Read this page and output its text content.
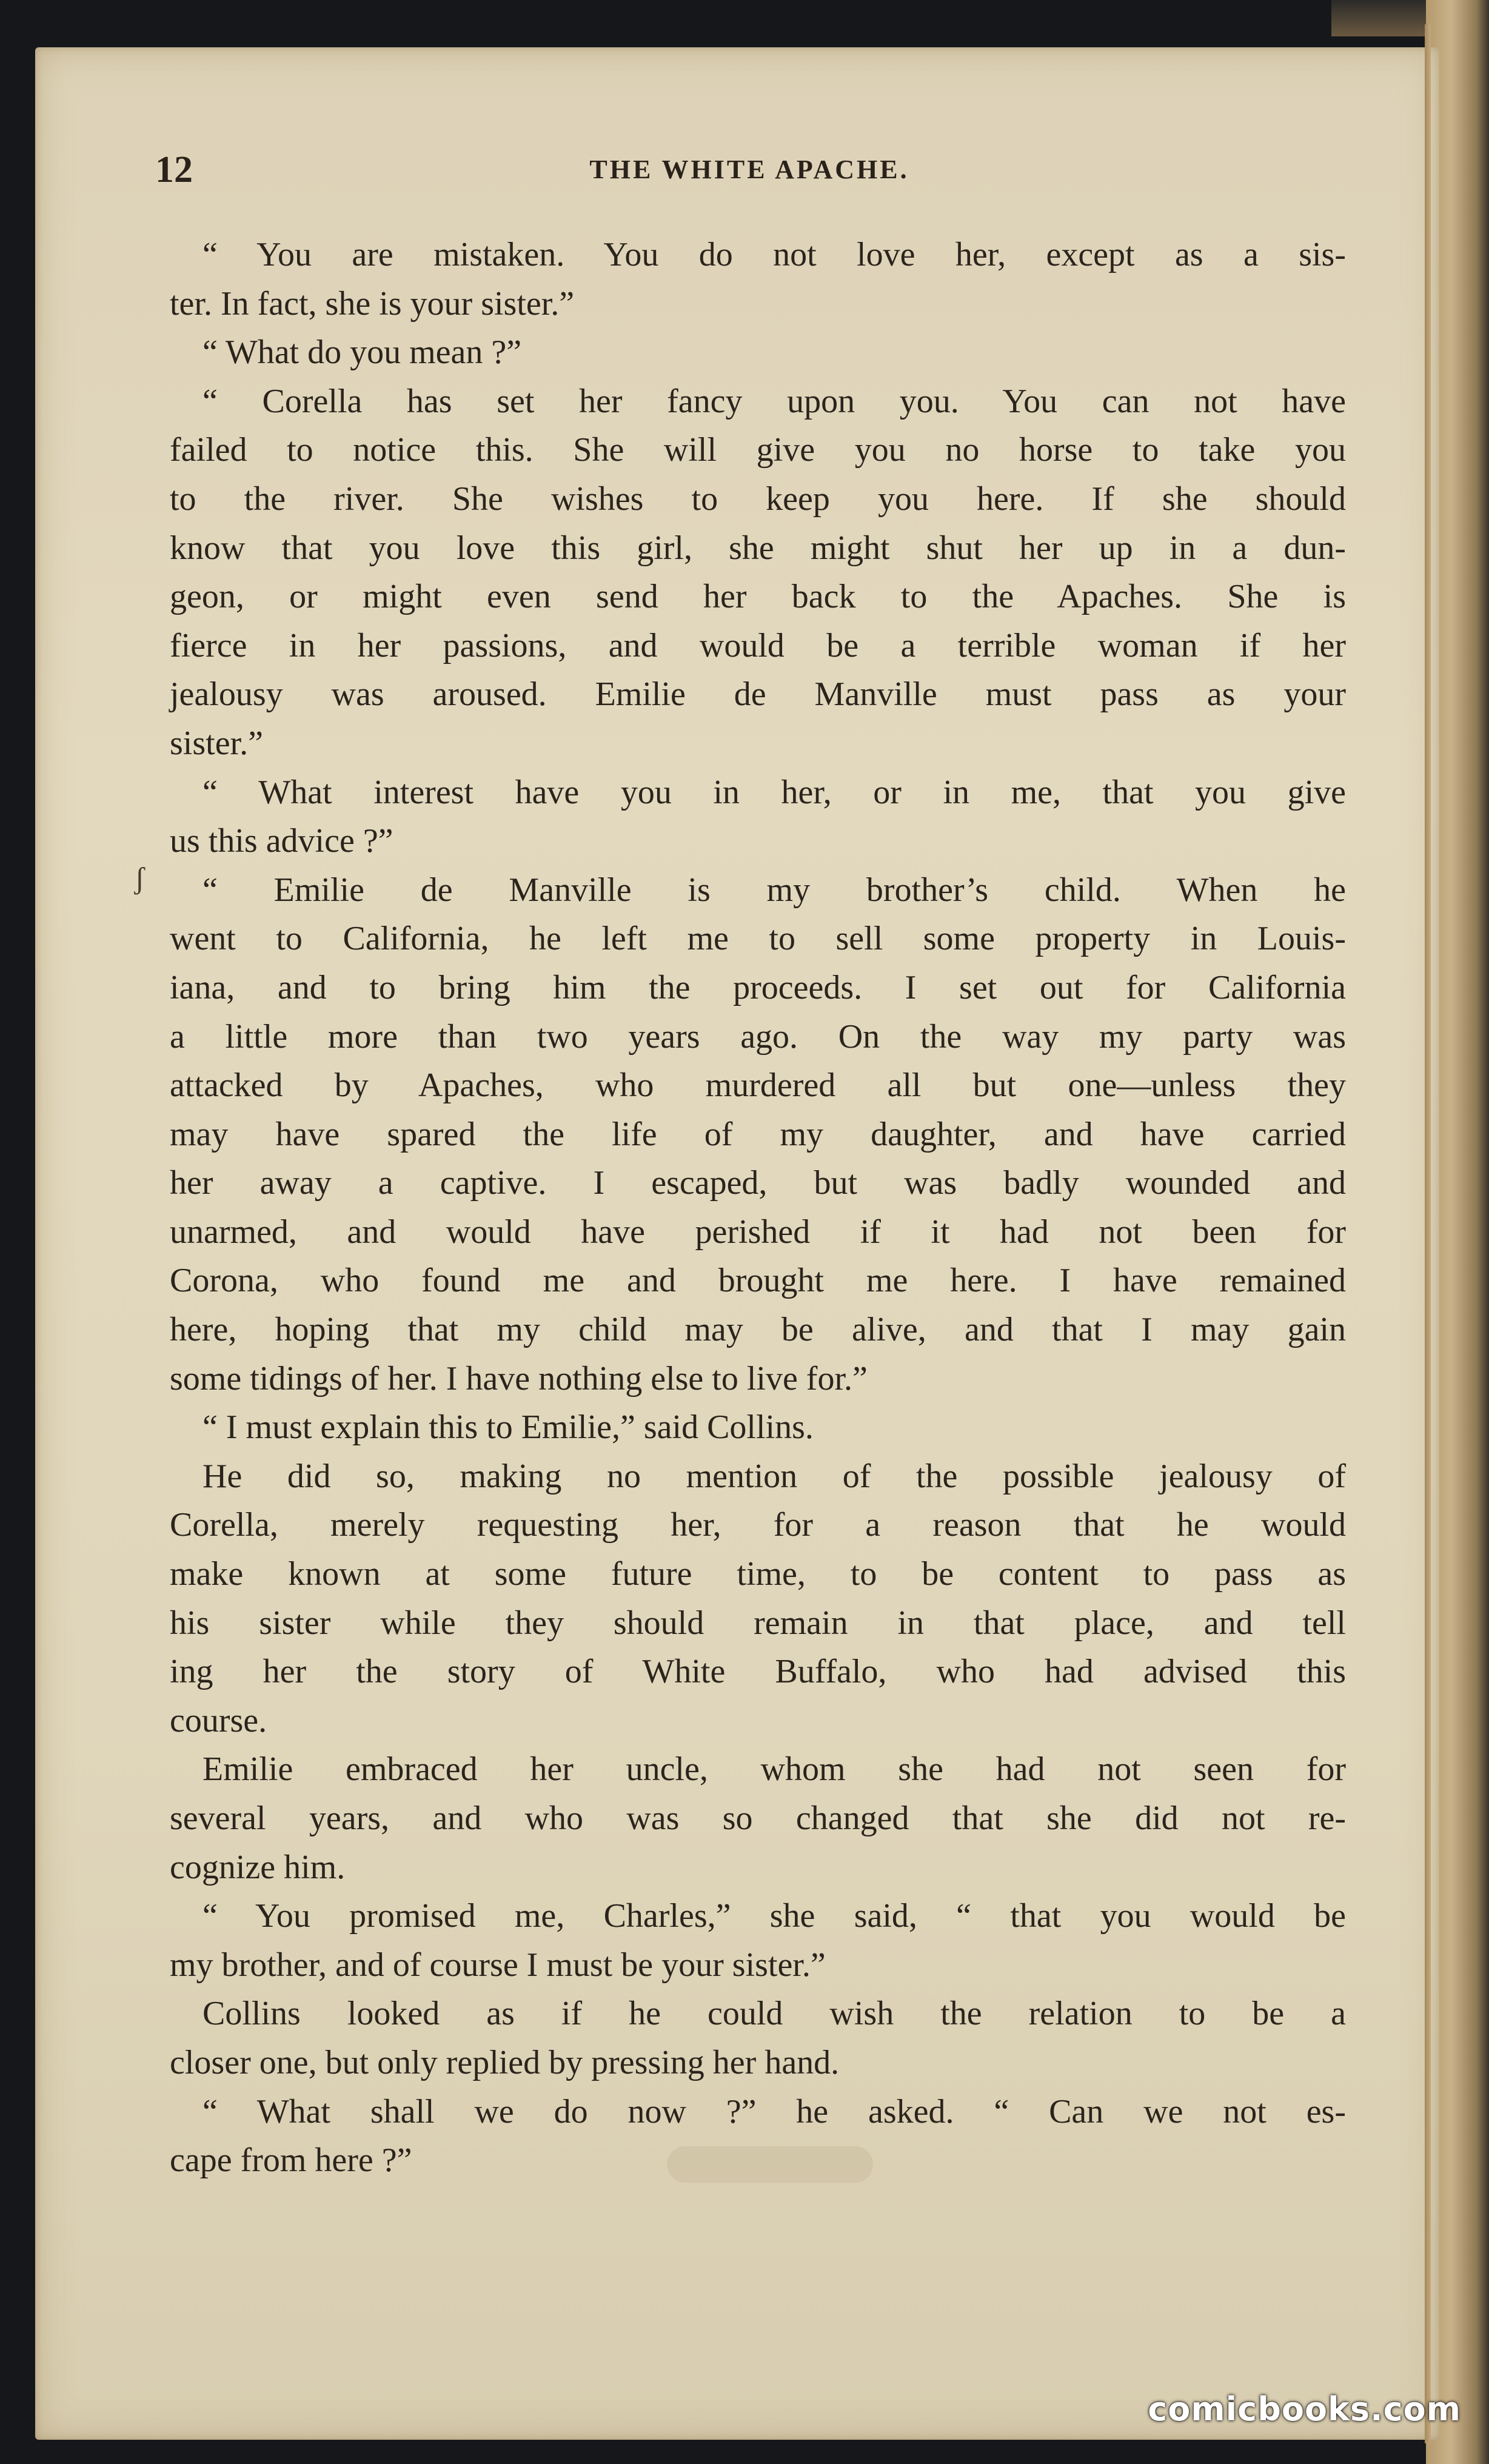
12	THE WHITE APACHE.
ʃ
“ You are mistaken. You do not love her, except as a sis-
ter. In fact, she is your sister.”
“ What do you mean ?”
“ Corella has set her fancy upon you. You can not have
failed to notice this. She will give you no horse to take you
to the river. She wishes to keep you here. If she should
know that you love this girl, she might shut her up in a dun-
geon, or might even send her back to the Apaches. She is
fierce in her passions, and would be a terrible woman if her
jealousy was aroused. Emilie de Manville must pass as your
sister.”
“ What interest have you in her, or in me, that you give
us this advice ?”
“ Emilie de Manville is my brother’s child. When he
went to California, he left me to sell some property in Louis-
iana, and to bring him the proceeds. I set out for California
a little more than two years ago. On the way my party was
attacked by Apaches, who murdered all but one—unless they
may have spared the life of my daughter, and have carried
her away a captive. I escaped, but was badly wounded and
unarmed, and would have perished if it had not been for
Corona, who found me and brought me here. I have remained
here, hoping that my child may be alive, and that I may gain
some tidings of her. I have nothing else to live for.”
“ I must explain this to Emilie,” said Collins.
He did so, making no mention of the possible jealousy of
Corella, merely requesting her, for a reason that he would
make known at some future time, to be content to pass as
his sister while they should remain in that place, and tell
ing her the story of White Buffalo, who had advised this
course.
Emilie embraced her uncle, whom she had not seen for
several years, and who was so changed that she did not re-
cognize him.
“ You promised me, Charles,” she said, “ that you would be
my brother, and of course I must be your sister.”
Collins looked as if he could wish the relation to be a
closer one, but only replied by pressing her hand.
“ What shall we do now ?” he asked. “ Can we not es-
cape from here ?”
comicbooks.com
